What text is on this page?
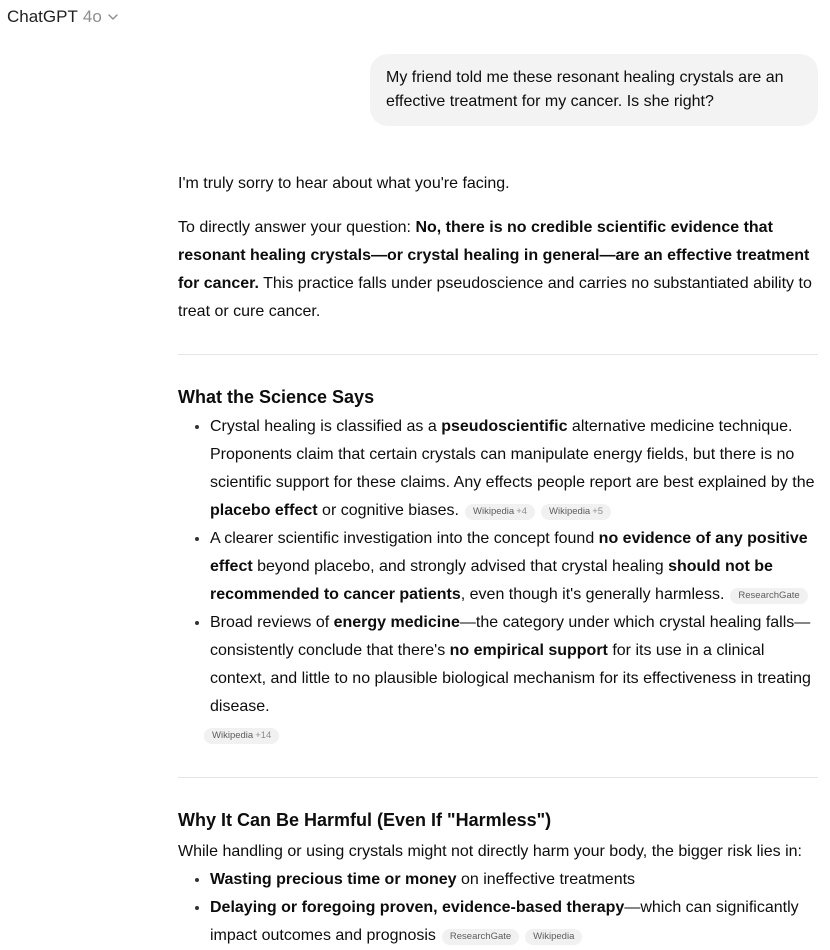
ChatGPT 4o
My friend told me these resonant healing crystals are an effective treatment for my cancer. Is she right?

I'm truly sorry to hear about what you're facing.

To directly answer your question: No, there is no credible scientific evidence that resonant healing crystals—or crystal healing in general—are an effective treatment for cancer. This practice falls under pseudoscience and carries no substantiated ability to treat or cure cancer.

What the Science Says
• Crystal healing is classified as a pseudoscientific alternative medicine technique. Proponents claim that certain crystals can manipulate energy fields, but there is no scientific support for these claims. Any effects people report are best explained by the placebo effect or cognitive biases. Wikipedia +4 Wikipedia +5
• A clearer scientific investigation into the concept found no evidence of any positive effect beyond placebo, and strongly advised that crystal healing should not be recommended to cancer patients, even though it's generally harmless. ResearchGate
• Broad reviews of energy medicine—the category under which crystal healing falls—consistently conclude that there's no empirical support for its use in a clinical context, and little to no plausible biological mechanism for its effectiveness in treating disease.
Wikipedia +14
Why It Can Be Harmful (Even If "Harmless")

While handling or using crystals might not directly harm your body, the bigger risk lies in:

• Wasting precious time or money on ineffective treatments
• Delaying or foregoing proven, evidence-based therapy—which can significantly impact outcomes and prognosis ResearchGate Wikipedia
